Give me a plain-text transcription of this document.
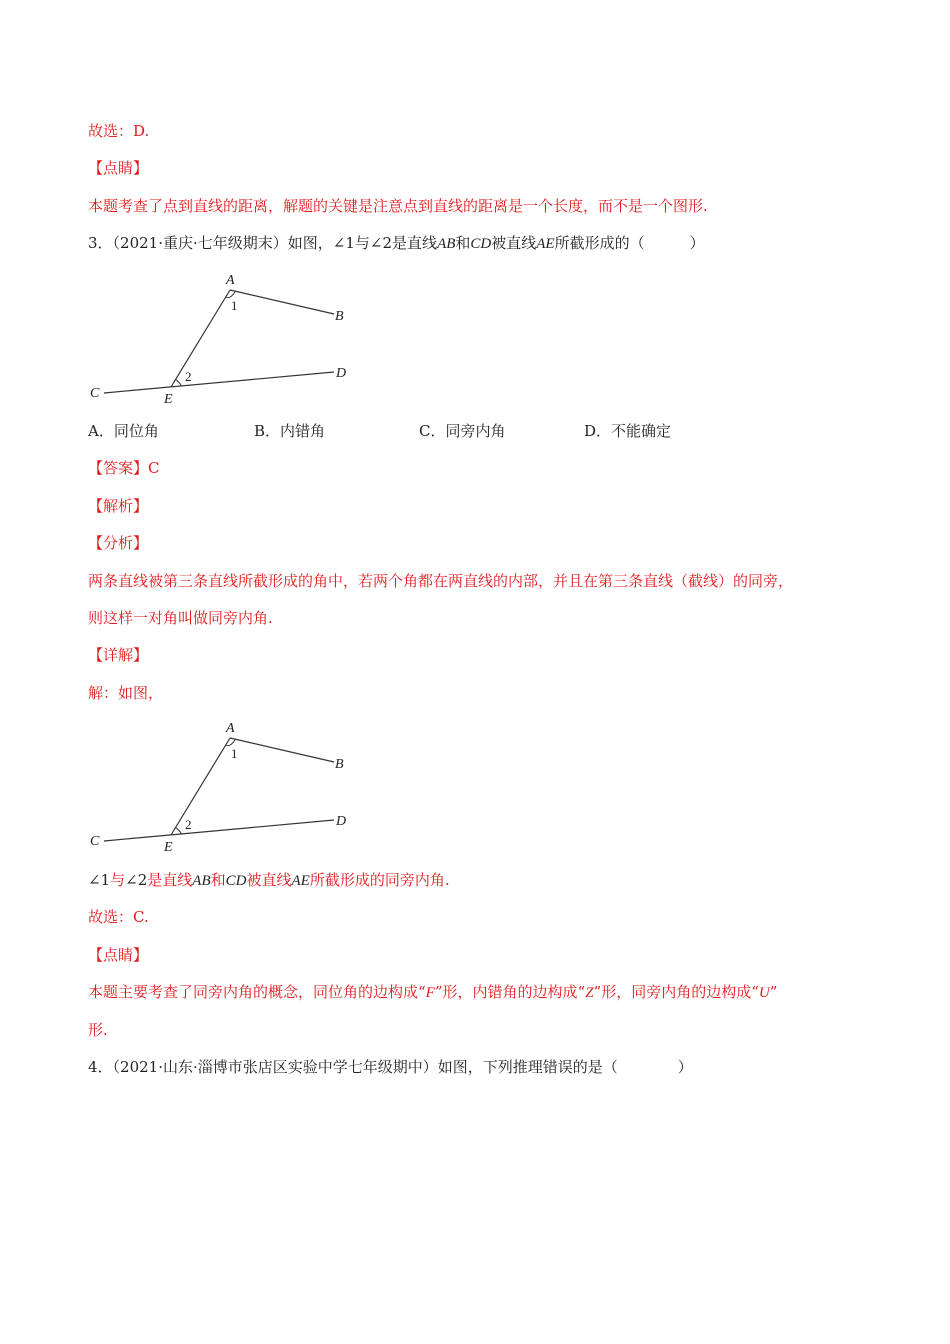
故选：D.
【点睛】
本题考查了点到直线的距离，解题的关键是注意点到直线的距离是一个长度，而不是一个图形.
3．（2021·重庆·七年级期末）如图，∠1与∠2是直线AB和CD被直线AE所截形成的（　　　）
A
B
C
D
E
1
2
A．同位角	B．内错角	C．同旁内角	D．不能确定
【答案】C
【解析】
【分析】
两条直线被第三条直线所截形成的角中，若两个角都在两直线的内部，并且在第三条直线（截线）的同旁，
则这样一对角叫做同旁内角.
【详解】
解：如图，
A
B
C
D
E
1
2
∠1与∠2是直线AB和CD被直线AE所截形成的同旁内角.
故选：C.
【点睛】
本题主要考查了同旁内角的概念，同位角的边构成“F”形，内错角的边构成“Z”形，同旁内角的边构成“U”
形.
4．（2021·山东·淄博市张店区实验中学七年级期中）如图，下列推理错误的是（　　　　）
